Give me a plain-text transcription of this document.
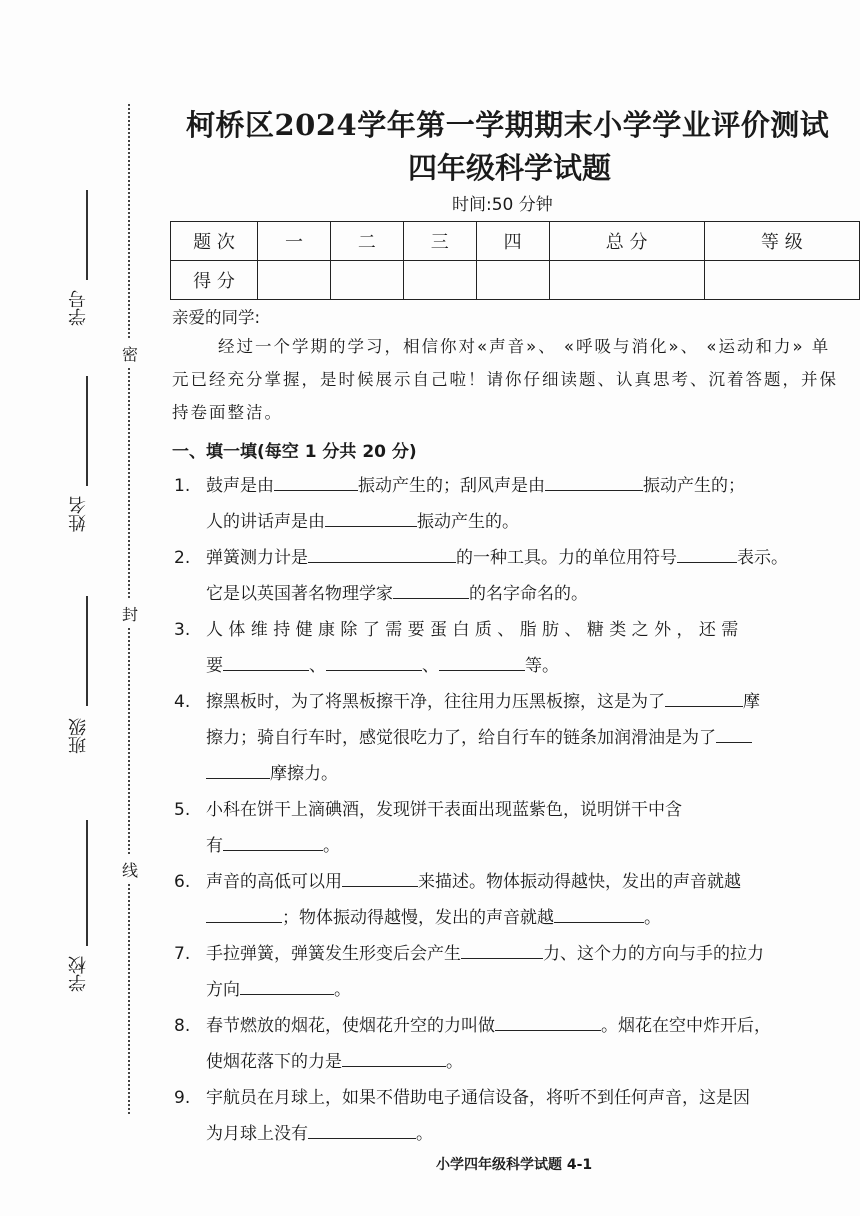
密
封
线
学号
姓名
班级
学校
柯桥区2024学年第一学期期末小学学业评价测试
四年级科学试题
时间:50 分钟
题 次	一	二	三	四	总 分	等 级
得 分						
亲爱的同学:
经过一个学期的学习，相信你对«声音»、 «呼吸与消化»、 «运动和力» 单元已经充分掌握，是时候展示自己啦！请你仔细读题、认真思考、沉着答题，并保持卷面整洁。
一、填一填(每空 1 分共 20 分)
1. 鼓声是由	振动产生的；刮风声是由	振动产生的；
人的讲话声是由	振动产生的。
2. 弹簧测力计是	的一种工具。力的单位用符号	表示。
它是以英国著名物理学家	的名字命名的。
3. 人 体 维 持 健 康 除 了 需 要 蛋 白 质 、 脂 肪 、 糖 类 之 外 ， 还 需
要	、	、	等。
4. 擦黑板时，为了将黑板擦干净，往往用力压黑板擦，这是为了	摩
擦力；骑自行车时，感觉很吃力了，给自行车的链条加润滑油是为了
摩擦力。
5. 小科在饼干上滴碘酒，发现饼干表面出现蓝紫色，说明饼干中含
有	。
6. 声音的高低可以用	来描述。物体振动得越快，发出的声音就越
；物体振动得越慢，发出的声音就越	。
7. 手拉弹簧，弹簧发生形变后会产生	力、这个力的方向与手的拉力
方向	。
8. 春节燃放的烟花，使烟花升空的力叫做	。烟花在空中炸开后，
使烟花落下的力是	。
9. 宇航员在月球上，如果不借助电子通信设备，将听不到任何声音，这是因
为月球上没有	。
小学四年级科学试题 4-1
